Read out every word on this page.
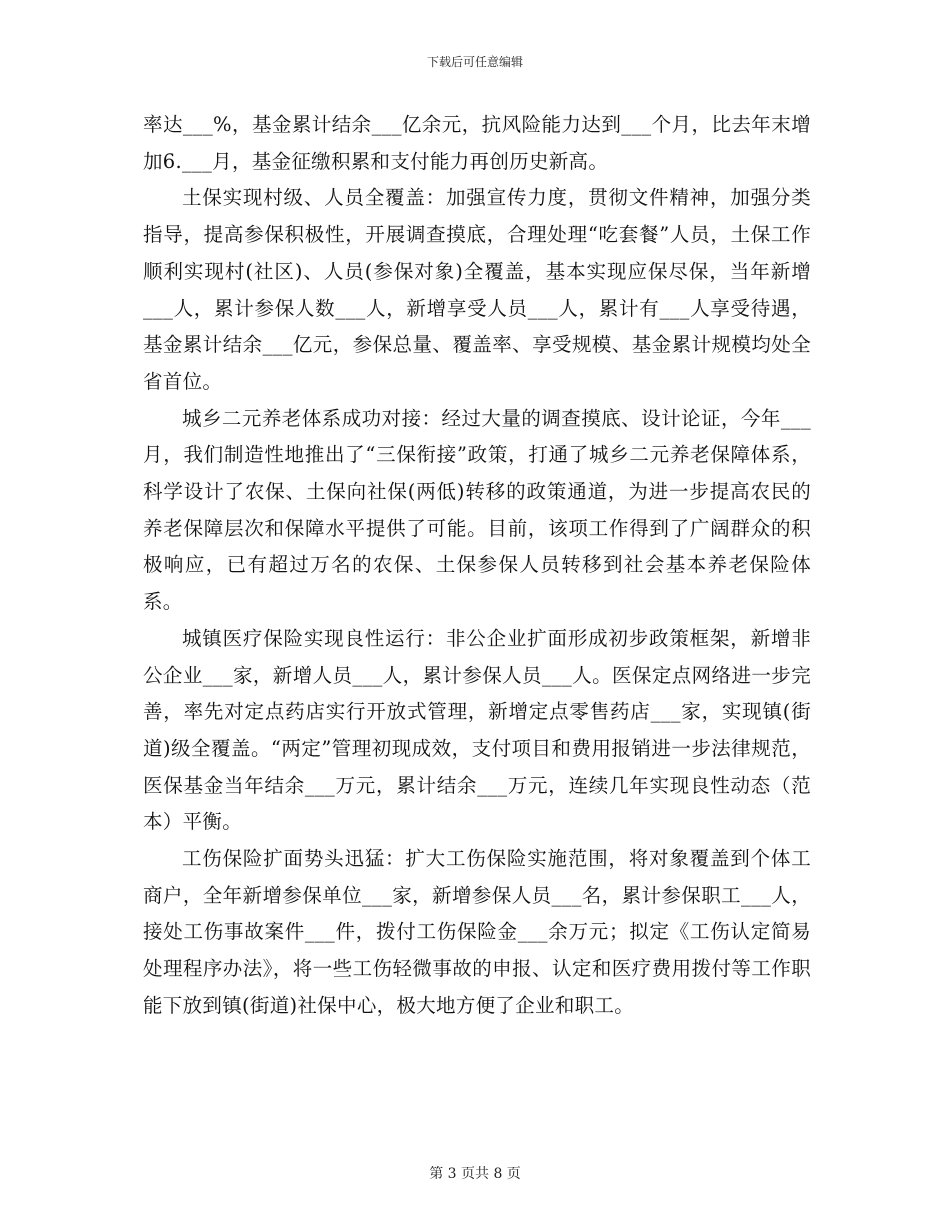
下载后可任意编辑

率达___%，基金累计结余___亿余元，抗风险能力达到___个月，比去年末增加6.___月，基金征缴积累和支付能力再创历史新高。

土保实现村级、人员全覆盖：加强宣传力度，贯彻文件精神，加强分类指导，提高参保积极性，开展调查摸底，合理处理“吃套餐”人员，土保工作顺利实现村(社区)、人员(参保对象)全覆盖，基本实现应保尽保，当年新增___人，累计参保人数___人，新增享受人员___人，累计有___人享受待遇，基金累计结余___亿元，参保总量、覆盖率、享受规模、基金累计规模均处全省首位。

城乡二元养老体系成功对接：经过大量的调查摸底、设计论证，今年___月，我们制造性地推出了“三保衔接”政策，打通了城乡二元养老保障体系，科学设计了农保、土保向社保(两低)转移的政策通道，为进一步提高农民的养老保障层次和保障水平提供了可能。目前，该项工作得到了广阔群众的积极响应，已有超过万名的农保、土保参保人员转移到社会基本养老保险体系。

城镇医疗保险实现良性运行：非公企业扩面形成初步政策框架，新增非公企业___家，新增人员___人，累计参保人员___人。医保定点网络进一步完善，率先对定点药店实行开放式管理，新增定点零售药店___家，实现镇(街道)级全覆盖。“两定”管理初现成效，支付项目和费用报销进一步法律规范，医保基金当年结余___万元，累计结余___万元，连续几年实现良性动态（范本）平衡。

工伤保险扩面势头迅猛：扩大工伤保险实施范围，将对象覆盖到个体工商户，全年新增参保单位___家，新增参保人员___名，累计参保职工___人，接处工伤事故案件___件，拨付工伤保险金___余万元；拟定《工伤认定简易处理程序办法》，将一些工伤轻微事故的申报、认定和医疗费用拨付等工作职能下放到镇(街道)社保中心，极大地方便了企业和职工。

第 3 页共 8 页
